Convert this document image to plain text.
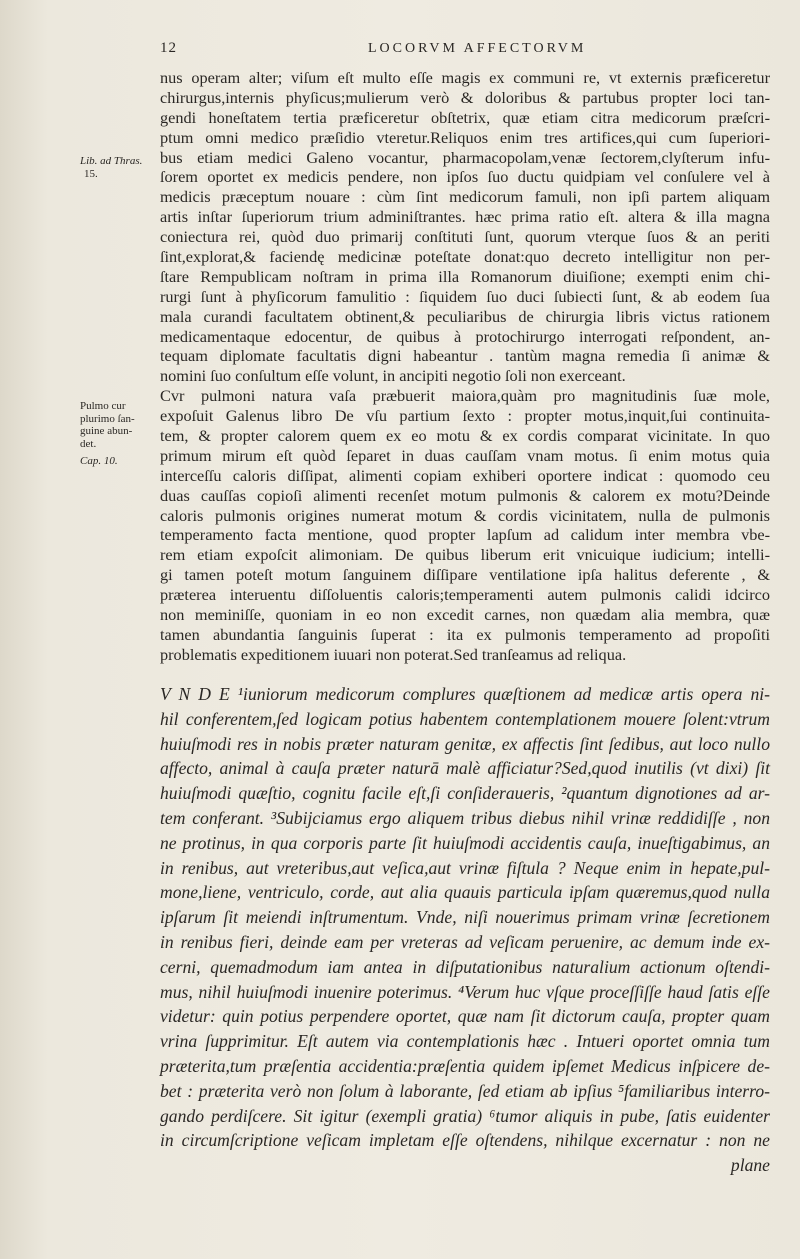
12	LOCORVM AFFECTORVM
Lib. ad Thras.
15.
Pulmo cur
plurimo ſan-
guine abun-
det.
Cap. 10.
nus operam alter; viſum eſt multo eſſe magis ex communi re, vt externis præficeretur
chirurgus,internis phyſicus;mulierum verò & doloribus & partubus propter loci tan-
gendi honeſtatem tertia præficeretur obſtetrix, quæ etiam citra medicorum præſcri-
ptum omni medico præſidio vteretur.Reliquos enim tres artifices,qui cum ſuperiori-
bus etiam medici Galeno vocantur, pharmacopolam,venæ ſectorem,clyſterum infu-
ſorem oportet ex medicis pendere, non ipſos ſuo ductu quidpiam vel conſulere vel à
medicis præceptum nouare : cùm ſint medicorum famuli, non ipſi partem aliquam
artis inſtar ſuperiorum trium adminiſtrantes. hæc prima ratio eſt. altera & illa magna
coniectura rei, quòd duo primarij conſtituti ſunt, quorum vterque ſuos & an periti
ſint,explorat,& faciendę medicinæ poteſtate donat:quo decreto intelligitur non per-
ſtare Rempublicam noſtram in prima illa Romanorum diuiſione; exempti enim chi-
rurgi ſunt à phyſicorum famulitio : ſiquidem ſuo duci ſubiecti ſunt, & ab eodem ſua
mala curandi facultatem obtinent,& peculiaribus de chirurgia libris victus rationem
medicamentaque edocentur, de quibus à protochirurgo interrogati reſpondent, an-
tequam diplomate facultatis digni habeantur . tantùm magna remedia ſi animæ &
nomini ſuo conſultum eſſe volunt, in ancipiti negotio ſoli non exerceant.
Cvr pulmoni natura vaſa præbuerit maiora,quàm pro magnitudinis ſuæ mole,
expoſuit Galenus libro De vſu partium ſexto : propter motus,inquit,ſui continuita-
tem, & propter calorem quem ex eo motu & ex cordis comparat vicinitate. In quo
primum mirum eſt quòd ſeparet in duas cauſſam vnam motus. ſi enim motus quia
interceſſu caloris diſſipat, alimenti copiam exhiberi oportere indicat : quomodo ceu
duas cauſſas copioſi alimenti recenſet motum pulmonis & calorem ex motu?Deinde
caloris pulmonis origines numerat motum & cordis vicinitatem, nulla de pulmonis
temperamento facta mentione, quod propter lapſum ad calidum inter membra vbe-
rem etiam expoſcit alimoniam. De quibus liberum erit vnicuique iudicium; intelli-
gi tamen poteſt motum ſanguinem diſſipare ventilatione ipſa halitus deferente , &
præterea interuentu diſſoluentis caloris;temperamenti autem pulmonis calidi idcirco
non meminiſſe, quoniam in eo non excedit carnes, non quædam alia membra, quæ
tamen abundantia ſanguinis ſuperat : ita ex pulmonis temperamento ad propoſiti
problematis expeditionem iuuari non poterat.Sed tranſeamus ad reliqua.
V N D E ¹iuniorum medicorum complures quæſtionem ad medicæ artis opera ni-
hil conferentem,ſed logicam potius habentem contemplationem mouere ſolent:vtrum
huiuſmodi res in nobis præter naturam genitæ, ex affectis ſint ſedibus, aut loco nullo
affecto, animal à cauſa præter naturā malè afficiatur?Sed,quod inutilis (vt dixi) ſit
huiuſmodi quæſtio, cognitu facile eſt,ſi conſideraueris, ²quantum dignotiones ad ar-
tem conferant. ³Subijciamus ergo aliquem tribus diebus nihil vrinæ reddidiſſe , non
ne protinus, in qua corporis parte ſit huiuſmodi accidentis cauſa, inueſtigabimus, an
in renibus, aut vreteribus,aut veſica,aut vrinæ fiſtula ? Neque enim in hepate,pul-
mone,liene, ventriculo, corde, aut alia quauis particula ipſam quæremus,quod nulla
ipſarum ſit meiendi inſtrumentum. Vnde, niſi nouerimus primam vrinæ ſecretionem
in renibus fieri, deinde eam per vreteras ad veſicam peruenire, ac demum inde ex-
cerni, quemadmodum iam antea in diſputationibus naturalium actionum oſtendi-
mus, nihil huiuſmodi inuenire poterimus. ⁴Verum huc vſque proceſſiſſe haud ſatis eſſe
videtur: quin potius perpendere oportet, quæ nam ſit dictorum cauſa, propter quam
vrina ſupprimitur. Eſt autem via contemplationis hæc . Intueri oportet omnia tum
præterita,tum præſentia accidentia:præſentia quidem ipſemet Medicus inſpicere de-
bet : præterita verò non ſolum à laborante, ſed etiam ab ipſius ⁵familiaribus interro-
gando perdiſcere. Sit igitur (exempli gratia) ⁶tumor aliquis in pube, ſatis euidenter
in circumſcriptione veſicam impletam eſſe oſtendens, nihilque excernatur : non ne
plane
